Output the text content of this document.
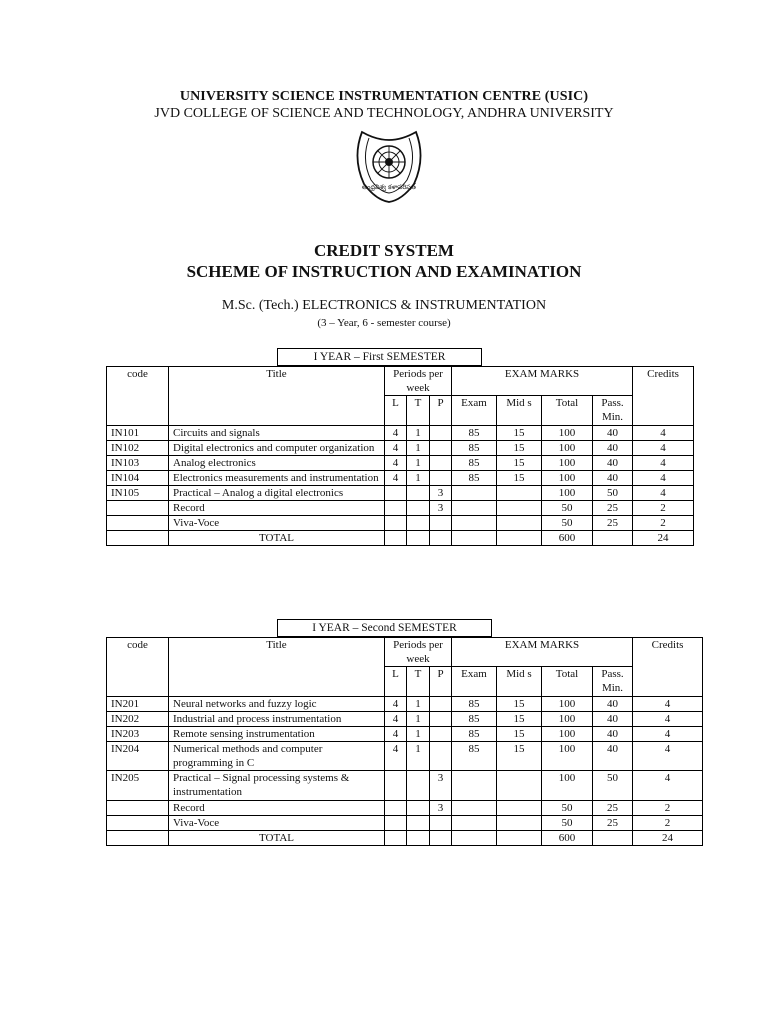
UNIVERSITY SCIENCE INSTRUMENTATION CENTRE (USIC)
JVD COLLEGE OF SCIENCE AND TECHNOLOGY, ANDHRA UNIVERSITY
ఆంధ్రవిశ్వ కళాపరిషత్
CREDIT SYSTEM
SCHEME OF INSTRUCTION AND EXAMINATION
M.Sc. (Tech.) ELECTRONICS & INSTRUMENTATION
(3 – Year, 6 - semester course)
I YEAR – First SEMESTER
code	Title	Periods per week			EXAM MARKS				Credits
		L	T	P	Exam	Mid s	Total	Pass. Min.	
IN101	Circuits and signals	4	1		85	15	100	40	4
IN102	Digital electronics and computer organization	4	1		85	15	100	40	4
IN103	Analog electronics	4	1		85	15	100	40	4
IN104	Electronics measurements and instrumentation	4	1		85	15	100	40	4
IN105	Practical – Analog a digital electronics			3			100	50	4
	Record			3			50	25	2
	Viva-Voce						50	25	2
	TOTAL						600		24
I YEAR – Second SEMESTER
code	Title	Periods per week			EXAM MARKS				Credits
		L	T	P	Exam	Mid s	Total	Pass. Min.	
IN201	Neural networks and fuzzy logic	4	1		85	15	100	40	4
IN202	Industrial and process instrumentation	4	1		85	15	100	40	4
IN203	Remote sensing instrumentation	4	1		85	15	100	40	4
IN204	Numerical methods and computer programming in C	4	1		85	15	100	40	4
IN205	Practical – Signal processing systems & instrumentation			3			100	50	4
	Record			3			50	25	2
	Viva-Voce						50	25	2
	TOTAL						600		24
